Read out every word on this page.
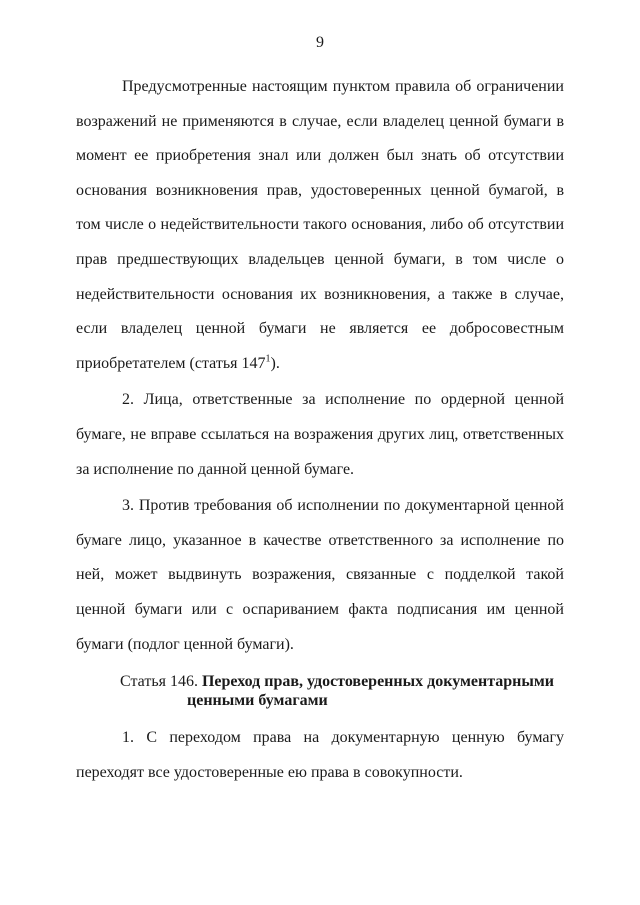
9

Предусмотренные настоящим пунктом правила об ограничении возражений не применяются в случае, если владелец ценной бумаги в момент ее приобретения знал или должен был знать об отсутствии основания возникновения прав, удостоверенных ценной бумагой, в том числе о недействительности такого основания, либо об отсутствии прав предшествующих владельцев ценной бумаги, в том числе о недействительности основания их возникновения, а также в случае, если владелец ценной бумаги не является ее добросовестным приобретателем (статья $147^1$).

2. Лица, ответственные за исполнение по ордерной ценной бумаге, не вправе ссылаться на возражения других лиц, ответственных за исполнение по данной ценной бумаге.

3. Против требования об исполнении по документарной ценной бумаге лицо, указанное в качестве ответственного за исполнение по ней, может выдвинуть возражения, связанные с подделкой такой ценной бумаги или с оспариванием факта подписания им ценной бумаги (подлог ценной бумаги).

Статья 146. Переход прав, удостоверенных документарными
ценными бумагами

1. С переходом права на документарную ценную бумагу переходят все удостоверенные ею права в совокупности.
